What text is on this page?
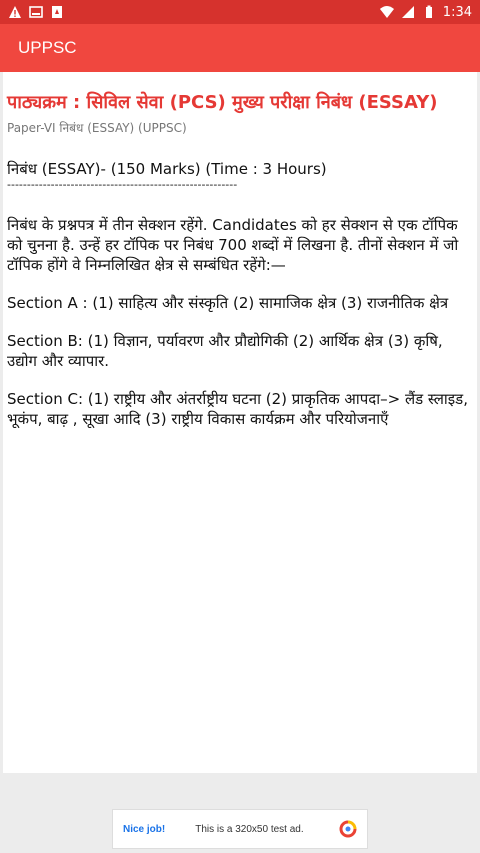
1:34
UPPSC
पाठ्यक्रम : सिविल सेवा (PCS) मुख्य परीक्षा निबंध (ESSAY)
Paper-VI निबंध (ESSAY) (UPPSC)
निबंध (ESSAY)- (150 Marks) (Time : 3 Hours)
----------------------------------------------------------
निबंध के प्रश्नपत्र में तीन सेक्शन रहेंगे. Candidates को हर सेक्शन से एक टॉपिक को चुनना है. उन्हें हर टॉपिक पर निबंध 700 शब्दों में लिखना है. तीनों सेक्शन में जो टॉपिक होंगे वे निम्नलिखित क्षेत्र से सम्बंधित रहेंगे:—
Section A : (1) साहित्य और संस्कृति (2) सामाजिक क्षेत्र (3) राजनीतिक क्षेत्र
Section B: (1) विज्ञान, पर्यावरण और प्रौद्योगिकी (2) आर्थिक क्षेत्र (3) कृषि, उद्योग और व्यापार.
Section C: (1) राष्ट्रीय और अंतर्राष्ट्रीय घटना (2) प्राकृतिक आपदा–> लैंड स्लाइड, भूकंप, बाढ़ , सूखा आदि (3) राष्ट्रीय विकास कार्यक्रम और परियोजनाएँ
Nice job!	This is a 320x50 test ad.
